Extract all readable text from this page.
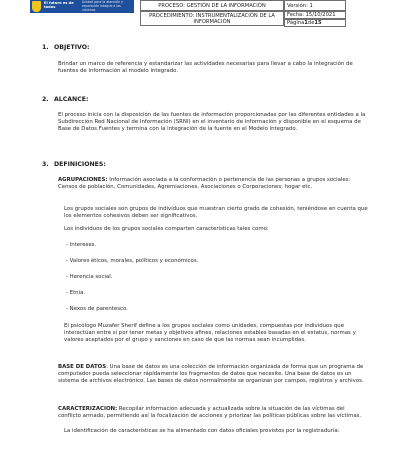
El futuro es de todos
Unidad para la atención y reparación integral a las víctimas
PROCESO: GESTIÓN DE LA INFORMACIÓN
PROCEDIMIENTO: INSTRUMENTALIZACIÓN DE LA INFORMACIÓN
Versión: 1
Fecha: 15/10/2021
Página 1 de 15
1. OBJETIVO:
Brindar un marco de referencia y estandarizar las actividades necesarias para llevar a cabo la integración de fuentes de información al modelo integrado.
2. ALCANCE:
El proceso inicia con la disposición de las fuentes de información proporcionadas por las diferentes entidades a la Subdirección Red Nacional de Información (SRNI) en el inventario de información y disponible en el esquema de Base de Datos Fuentes y termina con la integración de la fuente en el Modelo integrado.
3. DEFINICIONES:
AGRUPACIONES: Información asociada a la conformación o pertenencia de las personas a grupos sociales: Censos de población, Comunidades, Agremiaciones, Asociaciones o Corporaciones; hogar etc.
Los grupos sociales son grupos de individuos que muestran cierto grado de cohesión, teniéndose en cuenta que los elementos cohesivos deben ser significativos.
Los individuos de los grupos sociales comparten características tales como:
- Intereses.
- Valores éticos, morales, políticos y económicos.
- Herencia social.
- Etnia.
- Nexos de parentesco.
El psicólogo Muzafer Sherif define a los grupos sociales como unidades, compuestas por individuos que interactúan entre sí por tener metas y objetivos afines, relaciones estables basadas en el estatus, normas y valores aceptados por el grupo y sanciones en caso de que las normas sean incumplidas.
BASE DE DATOS: Una base de datos es una colección de información organizada de forma que un programa de computador pueda seleccionar rápidamente los fragmentos de datos que necesite. Una base de datos es un sistema de archivos electrónico. Las bases de datos normalmente se organizan por campos, registros y archivos.
CARACTERIZACION: Recopilar información adecuada y actualizada sobre la situación de las víctimas del conflicto armado, permitiendo así la focalización de acciones y priorizar las políticas públicas sobre las víctimas.
La identificación de características se ha alimentado con datos oficiales provistos por la registraduría:
